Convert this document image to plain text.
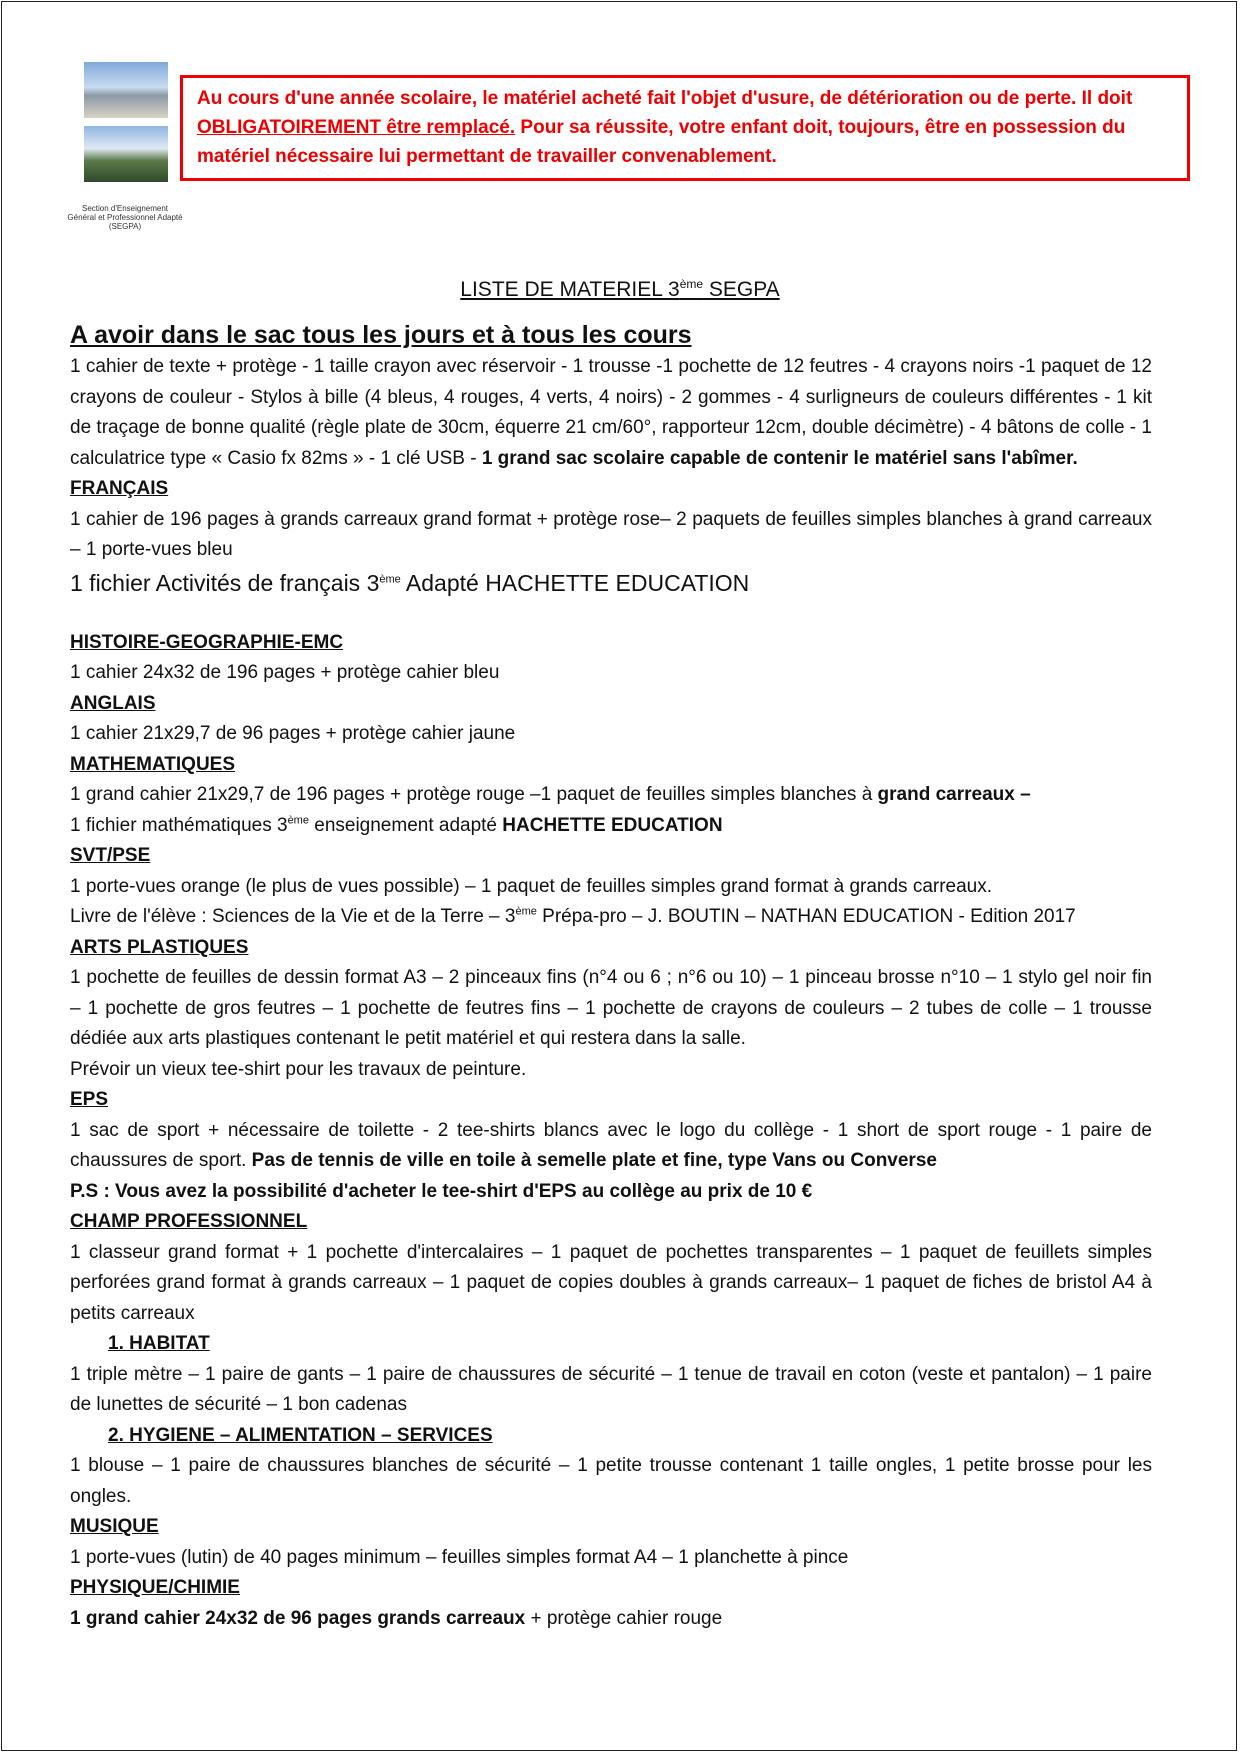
Section d'Enseignement
Général et Professionnel Adapté
(SEGPA)
Au cours d'une année scolaire, le matériel acheté fait l'objet d'usure, de détérioration ou de perte. Il doit
OBLIGATOIREMENT être remplacé. Pour sa réussite, votre enfant doit, toujours, être en possession du
matériel nécessaire lui permettant de travailler convenablement.
LISTE DE MATERIEL 3ème SEGPA
A avoir dans le sac tous les jours et à tous les cours

1 cahier de texte + protège - 1 taille crayon avec réservoir - 1 trousse -1 pochette de 12 feutres - 4 crayons noirs -1 paquet de 12 crayons de couleur - Stylos à bille (4 bleus, 4 rouges, 4 verts, 4 noirs) - 2 gommes - 4 surligneurs de couleurs différentes - 1 kit de traçage de bonne qualité (règle plate de 30cm, équerre 21 cm/60°, rapporteur 12cm, double décimètre) - 4 bâtons de colle - 1 calculatrice type « Casio fx 82ms » - 1 clé USB - 1 grand sac scolaire capable de contenir le matériel sans l'abîmer.

FRANÇAIS

1 cahier de 196 pages à grands carreaux grand format + protège rose– 2 paquets de feuilles simples blanches à grand carreaux – 1 porte-vues bleu

1 fichier Activités de français 3ème Adapté HACHETTE EDUCATION

HISTOIRE-GEOGRAPHIE-EMC

1 cahier 24x32 de 196 pages + protège cahier bleu

ANGLAIS

1 cahier 21x29,7 de 96 pages + protège cahier jaune

MATHEMATIQUES

1 grand cahier 21x29,7 de 196 pages + protège rouge –1 paquet de feuilles simples blanches à grand carreaux –

1 fichier mathématiques 3ème enseignement adapté HACHETTE EDUCATION

SVT/PSE

1 porte-vues orange (le plus de vues possible) – 1 paquet de feuilles simples grand format à grands carreaux.

Livre de l'élève : Sciences de la Vie et de la Terre – 3ème Prépa-pro – J. BOUTIN – NATHAN EDUCATION - Edition 2017

ARTS PLASTIQUES

1 pochette de feuilles de dessin format A3 – 2 pinceaux fins (n°4 ou 6 ; n°6 ou 10) – 1 pinceau brosse n°10 – 1 stylo gel noir fin – 1 pochette de gros feutres – 1 pochette de feutres fins – 1 pochette de crayons de couleurs – 2 tubes de colle – 1 trousse dédiée aux arts plastiques contenant le petit matériel et qui restera dans la salle.

Prévoir un vieux tee-shirt pour les travaux de peinture.

EPS

1 sac de sport + nécessaire de toilette - 2 tee-shirts blancs avec le logo du collège - 1 short de sport rouge - 1 paire de chaussures de sport. Pas de tennis de ville en toile à semelle plate et fine, type Vans ou Converse

P.S : Vous avez la possibilité d'acheter le tee-shirt d'EPS au collège au prix de 10 €

CHAMP PROFESSIONNEL

1 classeur grand format + 1 pochette d'intercalaires – 1 paquet de pochettes transparentes – 1 paquet de feuillets simples perforées grand format à grands carreaux – 1 paquet de copies doubles à grands carreaux– 1 paquet de fiches de bristol A4 à petits carreaux

1. HABITAT

1 triple mètre – 1 paire de gants – 1 paire de chaussures de sécurité – 1 tenue de travail en coton (veste et pantalon) – 1 paire de lunettes de sécurité – 1 bon cadenas

2. HYGIENE – ALIMENTATION – SERVICES

1 blouse – 1 paire de chaussures blanches de sécurité – 1 petite trousse contenant 1 taille ongles, 1 petite brosse pour les ongles.

MUSIQUE

1 porte-vues (lutin) de 40 pages minimum – feuilles simples format A4 – 1 planchette à pince

PHYSIQUE/CHIMIE

1 grand cahier 24x32 de 96 pages grands carreaux + protège cahier rouge
